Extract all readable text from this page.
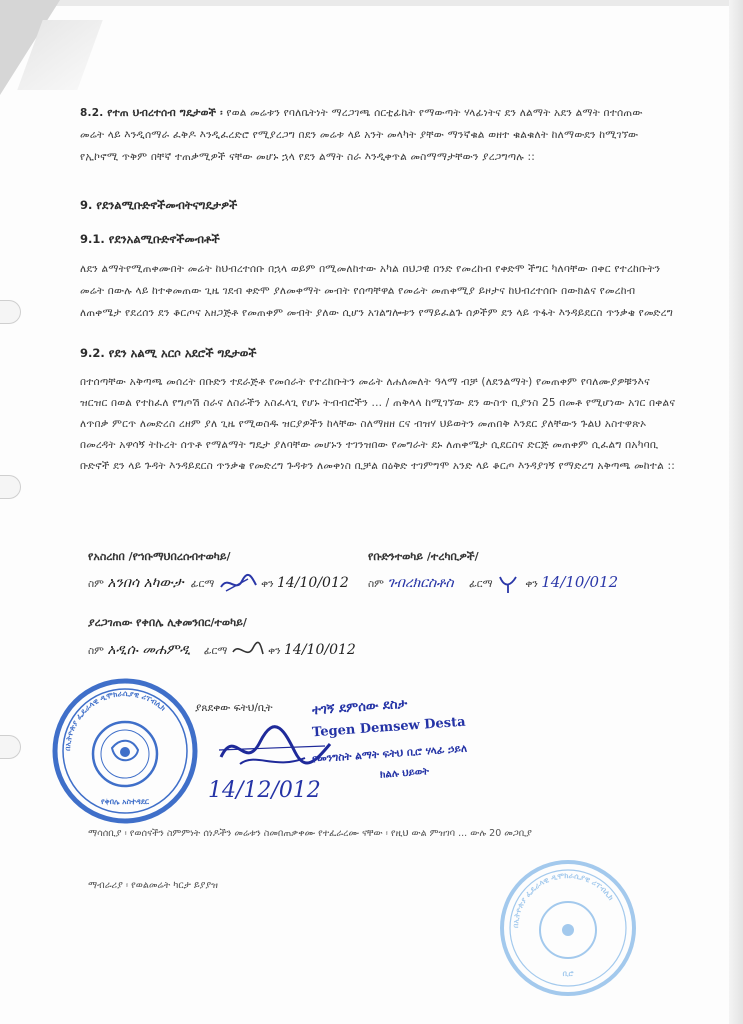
8.2. የተጠ ህብረተሰብ ግዴታወች ፡ የወል መሬቱን የባለቤትነት ማረጋገጫ ሰርቲፊኬት የማውጣት ሃላፊነትና ደን ለልማት አደን ልማት በተሰጠው መሬት ላይ እንዲሰማራ ፈቅዶ እንዲፈረድሮ የሚያረጋግ በደን መሬቱ ላይ አንት መላካት ያቸው ማንኛቁል ወዘተ ቁልቁለት ከለማውደን ከሚገኘው የኢኮኖሚ ጥቅም በቸኛ ተጠቃሚዎች ናቸው መሆኑ ኋላ የደን ልማት ስራ እንዲቀጥል መስማማታቸውን ያረጋግጣሉ ::
9. የደንልሚቡድኖችመብትናግዴታዎች
9.1. የደንአልሚቡድኖችመብቶች
ለደን ልማትየሚጠቀሙበት መሬት ከህብረተሰቡ በኋላ ወይም በሚመለከተው አካል በህጋዊ በንድ የመረከብ የቀድሞ ችግር ካለባቸው በቀር የተረከቡትን መሬት በውሉ ላይ ከተቀመጠው ጊዜ ገደብ ቀድሞ ያለመቀማት መብት የሰጣቸዋል የመሬት መጠቀሚያ ይዞታና ከህብረተሰቡ በውክልና የመረከብ ለጠቀሜታ የደረሰን ደን ቆርጦና አዘጋጅቶ የመጠቀም መብት ያለው ሲሆን አገልግሎቱን የማይፈልጉ ሰዎችም ደን ላይ ጥፋት እንዳይደርስ ጥንቃቄ የመድረግ
9.2. የደን አልሚ አርሶ አደሮች ግዴታወች
በተሰጣቸው አቅጣጫ መሰረት በቡድን ተደራጅቶ የመሰራት የተረከቡትን መሬት ለሐለመለት ዓላማ ብቻ (ለደንልማት) የመጠቀም የባለሙያዎቹንእና ዝርዝር በወል የተከፈለ የግጦሽ ስራና ለስራችን አስፈላጊ የሆኑ ትብብሮችን ... / ጠቅላላ ከሚገኘው ደን ውስጥ ቢያንስ 25 በመቶ የሚሆነው አገር በቀልና ለጥበቃ ምርጥ ለመድረስ ረዘም ያለ ጊዜ የሚወስዱ ዝርያዎችን ከላቸው ስለማዘዘ ርና ብዝሃ ህይወትን መጠበቅ እንደር ያለቸውን ጉልህ አስተዋጽኦ በመረዳት አዋሳኝ ትኩረት ሰጥቶ የማልማት ግዴታ ያለባቸው መሆኑን ተገንዝበው የመግራት ደኑ ለጠቀሜታ ሲደርስና ድርጅ መጠቀም ሲፈልግ በአካባቢ ቡድኖች ደን ላይ ጉዳት እንዳይደርስ ጥንቃቄ የመድረግ ጉዳቱን ለመቀነስ ቢቻል በዕቅድ ተገምግሞ አንድ ላይ ቆርጦ እንዳያገኝ የማድረግ አቅጣጫ መከተል ::
የአስረከበ /የኀቡማህበረሰብተወካይ/	የቡድንተወካይ /ተረካቢዎች/
ስም አንበሳ አካውታ ፊርማ	ቀን 14/10/012 ስም ገብረክርስቶስ ፊርማ	ቀን 14/10/012
ያረጋገጠው የቀበሌ ሊቀመንበር/ተወካይ/
ስም አዲሱ መሐምዲ ፊርማ	ቀን 14/10/012
በኢትዮጵያ ፌዴራላዊ ዲሞክራሲያዊ ሪፐብሊክ
የቀበሌ አስተዳደር
ያጸደቀው ፍትህ/ቢት
14/12/012
ተገኝ ደምሰው ደስታ
Tegen Demsew Desta
የመንግስት ልማት ፍትህ ቢሮ ሃላፊ ኃይለ
ክልሉ ህይወት
ማሳሰቢያ ፡ የወሰናችን ስምምነት ሰነዶችን መሬቱን ስመበጠቃቀሙ የተፈራረሙ ናቸው ፡ የዚህ ውል ምዝገባ ... ውሉ 20 መጋቢያ
ማብራሪያ ፡ የወልመሬት ካርታ ይያያዝ
በኢትዮጵያ ፌዴራላዊ ዲሞክራሲያዊ ሪፐብሊክ
ቢሮ
